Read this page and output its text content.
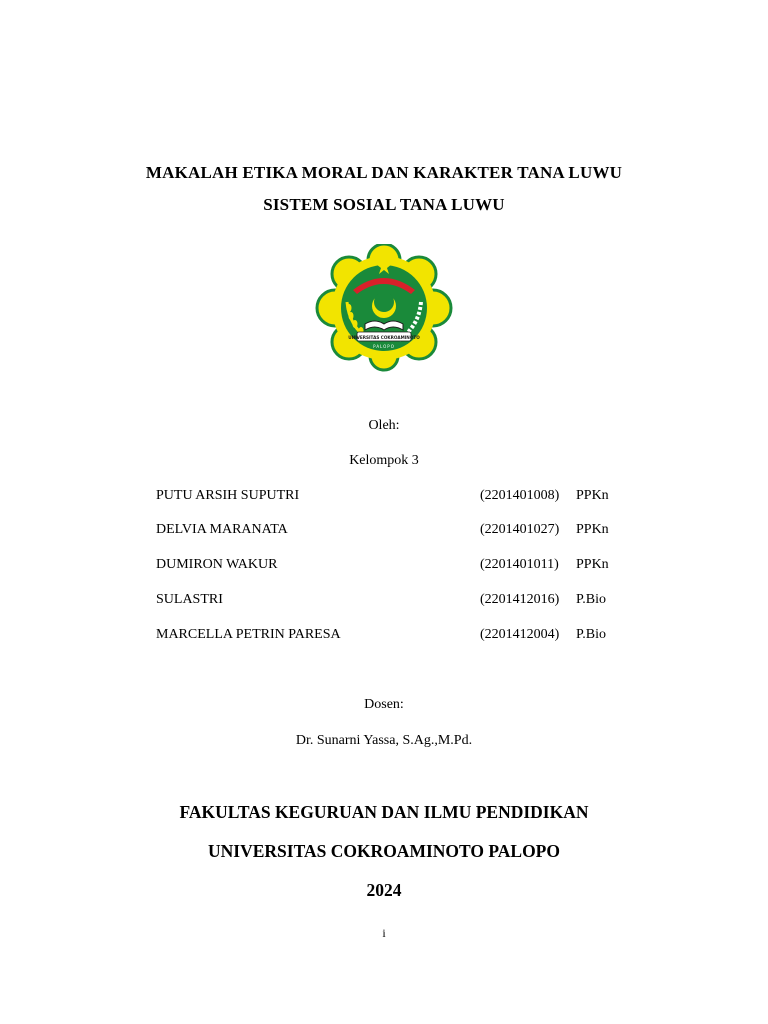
MAKALAH ETIKA MORAL DAN KARAKTER TANA LUWU
SISTEM SOSIAL TANA LUWU
UNIVERSITAS COKROAMINOTO
PALOPO
Oleh:
Kelompok 3
PUTU ARSIH SUPUTRI	(2201401008) PPKn
DELVIA MARANATA	(2201401027) PPKn
DUMIRON WAKUR	(2201401011) PPKn
SULASTRI	(2201412016) P.Bio
MARCELLA PETRIN PARESA	(2201412004) P.Bio
Dosen:
Dr. Sunarni Yassa, S.Ag.,M.Pd.
FAKULTAS KEGURUAN DAN ILMU PENDIDIKAN
UNIVERSITAS COKROAMINOTO PALOPO
2024
i
